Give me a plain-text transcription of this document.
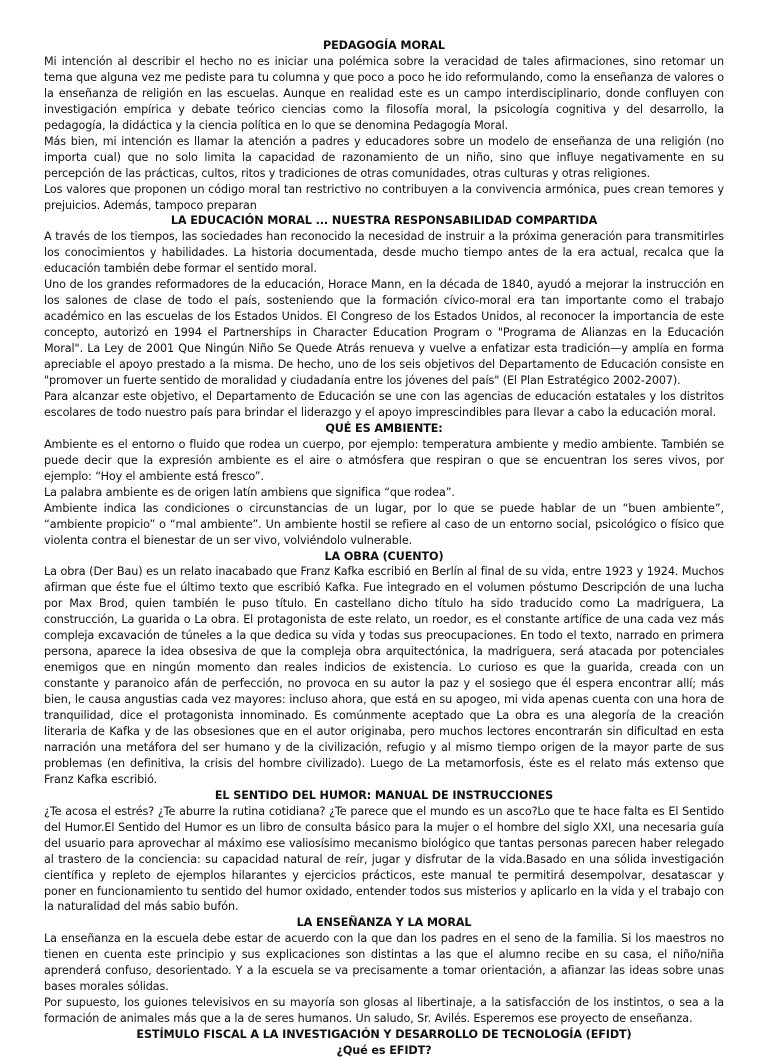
PEDAGOGÍA MORAL
Mi intención al describir el hecho no es iniciar una polémica sobre la veracidad de tales afirmaciones, sino retomar un tema que alguna vez me pediste para tu columna y que poco a poco he ido reformulando, como la enseñanza de valores o la enseñanza de religión en las escuelas. Aunque en realidad este es un campo interdisciplinario, donde confluyen con investigación empírica y debate teórico ciencias como la filosofía moral, la psicología cognitiva y del desarrollo, la pedagogía, la didáctica y la ciencia política en lo que se denomina Pedagogía Moral.
Más bien, mi intención es llamar la atención a padres y educadores sobre un modelo de enseñanza de una religión (no importa cual) que no solo limita la capacidad de razonamiento de un niño, sino que influye negativamente en su percepción de las prácticas, cultos, ritos y tradiciones de otras comunidades, otras culturas y otras religiones.
Los valores que proponen un código moral tan restrictivo no contribuyen a la convivencia armónica, pues crean temores y prejuicios. Además, tampoco preparan
LA EDUCACIÓN MORAL ... NUESTRA RESPONSABILIDAD COMPARTIDA
A través de los tiempos, las sociedades han reconocido la necesidad de instruir a la próxima generación para transmitirles los conocimientos y habilidades. La historia documentada, desde mucho tiempo antes de la era actual, recalca que la educación también debe formar el sentido moral.
Uno de los grandes reformadores de la educación, Horace Mann, en la década de 1840, ayudó a mejorar la instrucción en los salones de clase de todo el país, sosteniendo que la formación cívico-moral era tan importante como el trabajo académico en las escuelas de los Estados Unidos. El Congreso de los Estados Unidos, al reconocer la importancia de este concepto, autorizó en 1994 el Partnerships in Character Education Program o "Programa de Alianzas en la Educación Moral". La Ley de 2001 Que Ningún Niño Se Quede Atrás renueva y vuelve a enfatizar esta tradición—y amplía en forma apreciable el apoyo prestado a la misma. De hecho, uno de los seis objetivos del Departamento de Educación consiste en "promover un fuerte sentido de moralidad y ciudadanía entre los jóvenes del país" (El Plan Estratégico 2002-2007).
Para alcanzar este objetivo, el Departamento de Educación se une con las agencias de educación estatales y los distritos escolares de todo nuestro país para brindar el liderazgo y el apoyo imprescindibles para llevar a cabo la educación moral.
QUÉ ES AMBIENTE:
Ambiente es el entorno o fluido que rodea un cuerpo, por ejemplo: temperatura ambiente y medio ambiente. También se puede decir que la expresión ambiente es el aire o atmósfera que respiran o que se encuentran los seres vivos, por ejemplo: “Hoy el ambiente está fresco”.
La palabra ambiente es de origen latín ambiens que significa “que rodea”.
Ambiente indica las condiciones o circunstancias de un lugar, por lo que se puede hablar de un “buen ambiente”, “ambiente propicio” o “mal ambiente”. Un ambiente hostil se refiere al caso de un entorno social, psicológico o físico que violenta contra el bienestar de un ser vivo, volviéndolo vulnerable.
LA OBRA (CUENTO)
La obra (Der Bau) es un relato inacabado que Franz Kafka escribió en Berlín al final de su vida, entre 1923 y 1924. Muchos afirman que éste fue el último texto que escribió Kafka. Fue integrado en el volumen póstumo Descripción de una lucha por Max Brod, quien también le puso título. En castellano dicho título ha sido traducido como La madriguera, La construcción, La guarida o La obra. El protagonista de este relato, un roedor, es el constante artífice de una cada vez más compleja excavación de túneles a la que dedica su vida y todas sus preocupaciones. En todo el texto, narrado en primera persona, aparece la idea obsesiva de que la compleja obra arquitectónica, la madriguera, será atacada por potenciales enemigos que en ningún momento dan reales indicios de existencia. Lo curioso es que la guarida, creada con un constante y paranoico afán de perfección, no provoca en su autor la paz y el sosiego que él espera encontrar allí; más bien, le causa angustias cada vez mayores: incluso ahora, que está en su apogeo, mi vida apenas cuenta con una hora de tranquilidad, dice el protagonista innominado. Es comúnmente aceptado que La obra es una alegoría de la creación literaria de Kafka y de las obsesiones que en el autor originaba, pero muchos lectores encontrarán sin dificultad en esta narración una metáfora del ser humano y de la civilización, refugio y al mismo tiempo origen de la mayor parte de sus problemas (en definitiva, la crisis del hombre civilizado). Luego de La metamorfosis, éste es el relato más extenso que Franz Kafka escribió.
EL SENTIDO DEL HUMOR: MANUAL DE INSTRUCCIONES
¿Te acosa el estrés? ¿Te aburre la rutina cotidiana? ¿Te parece que el mundo es un asco?Lo que te hace falta es El Sentido del Humor.El Sentido del Humor es un libro de consulta básico para la mujer o el hombre del siglo XXI, una necesaria guía del usuario para aprovechar al máximo ese valiosísimo mecanismo biológico que tantas personas parecen haber relegado al trastero de la conciencia: su capacidad natural de reír, jugar y disfrutar de la vida.Basado en una sólida investigación científica y repleto de ejemplos hilarantes y ejercicios prácticos, este manual te permitirá desempolvar, desatascar y poner en funcionamiento tu sentido del humor oxidado, entender todos sus misterios y aplicarlo en la vida y el trabajo con la naturalidad del más sabio bufón.
LA ENSEÑANZA Y LA MORAL
La enseñanza en la escuela debe estar de acuerdo con la que dan los padres en el seno de la familia. Si los maestros no tienen en cuenta este principio y sus explicaciones son distintas a las que el alumno recibe en su casa, el niño/niña aprenderá confuso, desorientado. Y a la escuela se va precisamente a tomar orientación, a afianzar las ideas sobre unas bases morales sólidas.
Por supuesto, los guiones televisivos en su mayoría son glosas al libertinaje, a la satisfacción de los instintos, o sea a la formación de animales más que a la de seres humanos. Un saludo, Sr. Avilés. Esperemos ese proyecto de enseñanza.
ESTÍMULO FISCAL A LA INVESTIGACIÓN Y DESARROLLO DE TECNOLOGÍA (EFIDT)
¿Qué es EFIDT?
